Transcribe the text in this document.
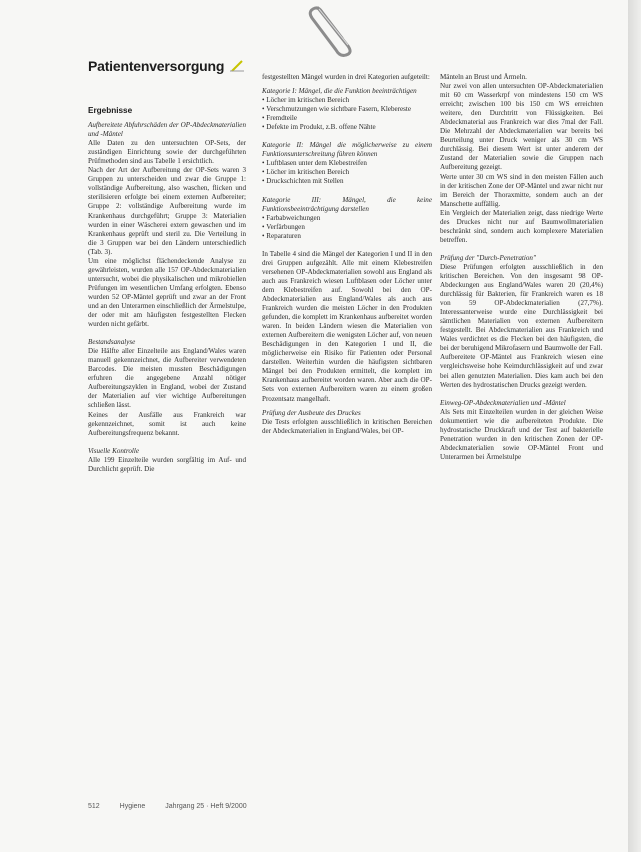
Patientenversorgung
Ergebnisse

Aufbereitete Abfuhrschäden der OP-Abdeckmaterialien und -Mäntel

Alle Daten zu den untersuchten OP-Sets, der zuständigen Einrichtung sowie der durchgeführten Prüfmethoden sind aus Tabelle 1 ersichtlich.

Nach der Art der Aufbereitung der OP-Sets waren 3 Gruppen zu unterscheiden und zwar die Gruppe 1: vollständige Aufbereitung, also waschen, flicken und sterilisieren erfolgte bei einem externen Aufbereiter; Gruppe 2: vollständige Aufbereitung wurde im Krankenhaus durchgeführt; Gruppe 3: Materialien wurden in einer Wäscherei extern gewaschen und im Krankenhaus geprüft und steril zu. Die Verteilung in die 3 Gruppen war bei den Ländern unterschiedlich (Tab. 3).

Um eine möglichst flächendeckende Analyse zu gewährleisten, wurden alle 157 OP-Abdeckmaterialien untersucht, wobei die physikalischen und mikrobiellen Prüfungen im wesentlichen Umfang erfolgten. Ebenso wurden 52 OP-Mäntel geprüft und zwar an der Front und an den Unterarmen einschließlich der Ärmelstulpe, der oder mit am häufigsten festgestellten Flecken wurden nicht gefärbt.

Bestandsanalyse

Die Hälfte aller Einzelteile aus England/Wales waren manuell gekennzeichnet, die Aufbereiter verwendeten Barcodes. Die meisten mussten Beschädigungen erfuhren die angegebene Anzahl nötiger Aufbereitungszyklen in England, wobei der Zustand der Materialien auf vier wichtige Aufbereitungen schließen lässt.

Keines der Ausfälle aus Frankreich war gekennzeichnet, somit ist auch keine Aufbereitungsfrequenz bekannt.

Visuelle Kontrolle

Alle 199 Einzelteile wurden sorgfältig im Auf- und Durchlicht geprüft. Die

festgestellten Mängel wurden in drei Kategorien aufgeteilt:

Kategorie I: Mängel, die die Funktion beeinträchtigen

• Löcher im kritischen Bereich
• Verschmutzungen wie sichtbare Fasern, Klebereste
• Fremdteile
• Defekte im Produkt, z.B. offene Nähte

Kategorie II: Mängel die möglicherweise zu einem Funktionsunterschreitung führen können

• Luftblasen unter dem Klebestreifen
• Löcher im kritischen Bereich
• Druckschichten mit Stellen

Kategorie III: Mängel, die keine Funktionsbeeinträchtigung darstellen

• Farbabweichungen
• Verfärbungen
• Reparaturen

In Tabelle 4 sind die Mängel der Kategorien I und II in den drei Gruppen aufgezählt. Alle mit einem Klebestreifen versehenen OP-Abdeckmaterialien sowohl aus England als auch aus Frankreich wiesen Luftblasen oder Löcher unter dem Klebestreifen auf. Sowohl bei den OP-Abdeckmaterialien aus England/Wales als auch aus Frankreich wurden die meisten Löcher in den Produkten gefunden, die komplett im Krankenhaus aufbereitet worden waren. In beiden Ländern wiesen die Materialien von externen Aufbereitern die wenigsten Löcher auf, von neuen Beschädigungen in den Kategorien I und II, die möglicherweise ein Risiko für Patienten oder Personal darstellen. Weiterhin wurden die häufigsten sichtbaren Mängel bei den Produkten ermittelt, die komplett im Krankenhaus aufbereitet worden waren. Aber auch die OP-Sets von externen Aufbereitern waren zu einem großen Prozentsatz mangelhaft.

Prüfung der Ausbeute des Druckes

Die Tests erfolgten ausschließlich in kritischen Bereichen der Abdeckmaterialien in England/Wales, bei OP-

Mänteln an Brust und Ärmeln.

Nur zwei von allen untersuchten OP-Abdeckmaterialien mit 60 cm Wasserkrpf von mindestens 150 cm WS erreicht; zwischen 100 bis 150 cm WS erreichten weitere, den Durchtritt von Flüssigkeiten. Bei Abdeckmaterial aus Frankreich war dies 7mal der Fall. Die Mehrzahl der Abdeckmaterialien war bereits bei Beurteilung unter Druck weniger als 30 cm WS durchlässig. Bei diesem Wert ist unter anderem der Zustand der Materialien sowie die Gruppen nach Aufbereitung gezeigt.

Werte unter 30 cm WS sind in den meisten Fällen auch in der kritischen Zone der OP-Mäntel und zwar nicht nur im Bereich der Thoraxmitte, sondern auch an der Manschette auffällig.

Ein Vergleich der Materialien zeigt, dass niedrige Werte des Druckes nicht nur auf Baumwollmaterialien beschränkt sind, sondern auch komplexere Materialien betreffen.

Prüfung der "Durch-Penetration"

Diese Prüfungen erfolgten ausschließlich in den kritischen Bereichen. Von den insgesamt 98 OP-Abdeckungen aus England/Wales waren 20 (20,4%) durchlässig für Bakterien, für Frankreich waren es 18 von 59 OP-Abdeckmaterialien (27,7%). Interessanterweise wurde eine Durchlässigkeit bei sämtlichen Materialien von externen Aufbereitern festgestellt. Bei Abdeckmaterialien aus Frankreich und Wales verdichtet es die Flecken bei den häufigsten, die bei der beruhigend Mikrofasern und Baumwolle der Fall.

Aufbereitete OP-Mäntel aus Frankreich wiesen eine vergleichsweise hohe Keimdurchlässigkeit auf und zwar bei allen genutzten Materialien. Dies kam auch bei den Werten des hydrostatischen Drucks gezeigt werden.

Einweg-OP-Abdeckmaterialien und -Mäntel

Als Sets mit Einzelteilen wurden in der gleichen Weise dokumentiert wie die aufbereiteten Produkte. Die hydrostatische Druckkraft und der Test auf bakterielle Penetration wurden in den kritischen Zonen der OP-Abdeckmaterialien sowie OP-Mäntel Front und Unterarmen bei Ärmelstulpe

512	Hygiene	Jahrgang 25 · Heft 9/2000
